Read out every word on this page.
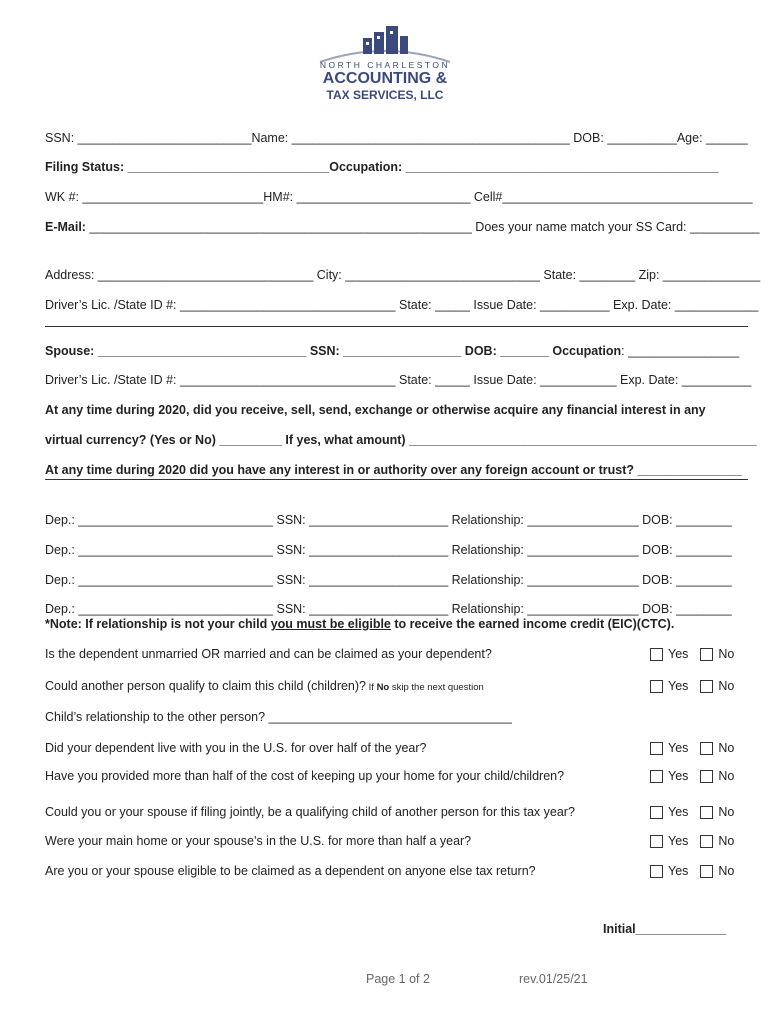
NORTH CHARLESTON
ACCOUNTING &
TAX SERVICES, LLC
SSN: _________________________Name: ________________________________________ DOB: __________Age: ______
Filing Status: _____________________________Occupation: _____________________________________________
WK #: __________________________HM#: _________________________ Cell#____________________________________
E-Mail: _______________________________________________________ Does your name match your SS Card: __________
Address: _______________________________ City: ____________________________ State: ________ Zip: ______________
Driver’s Lic. /State ID #: _______________________________ State: _____ Issue Date: __________ Exp. Date: ____________
Spouse: ______________________________ SSN: _________________ DOB: _______ Occupation: ________________
Driver’s Lic. /State ID #: _______________________________ State: _____ Issue Date: ___________ Exp. Date: __________
At any time during 2020, did you receive, sell, send, exchange or otherwise acquire any financial interest in any
virtual currency? (Yes or No) _________ If yes, what amount) __________________________________________________
At any time during 2020 did you have any interest in or authority over any foreign account or trust? _______________
Dep.: ____________________________ SSN: ____________________ Relationship: ________________ DOB: ________
Dep.: ____________________________ SSN: ____________________ Relationship: ________________ DOB: ________
Dep.: ____________________________ SSN: ____________________ Relationship: ________________ DOB: ________
Dep.: ____________________________ SSN: ____________________ Relationship: ________________ DOB: ________
*Note: If relationship is not your child you must be eligible to receive the earned income credit (EIC)(CTC).
Is the dependent unmarried OR married and can be claimed as your dependent?	Yes No
Could another person qualify to claim this child (children)? If No skip the next question	Yes No
Child’s relationship to the other person? ___________________________________
Did your dependent live with you in the U.S. for over half of the year?	Yes No
Have you provided more than half of the cost of keeping up your home for your child/children?	Yes No
Could you or your spouse if filing jointly, be a qualifying child of another person for this tax year?	Yes No
Were your main home or your spouse’s in the U.S. for more than half a year?	Yes No
Are you or your spouse eligible to be claimed as a dependent on anyone else tax return?	Yes No
Initial_____________
Page 1 of 2	rev.01/25/21
